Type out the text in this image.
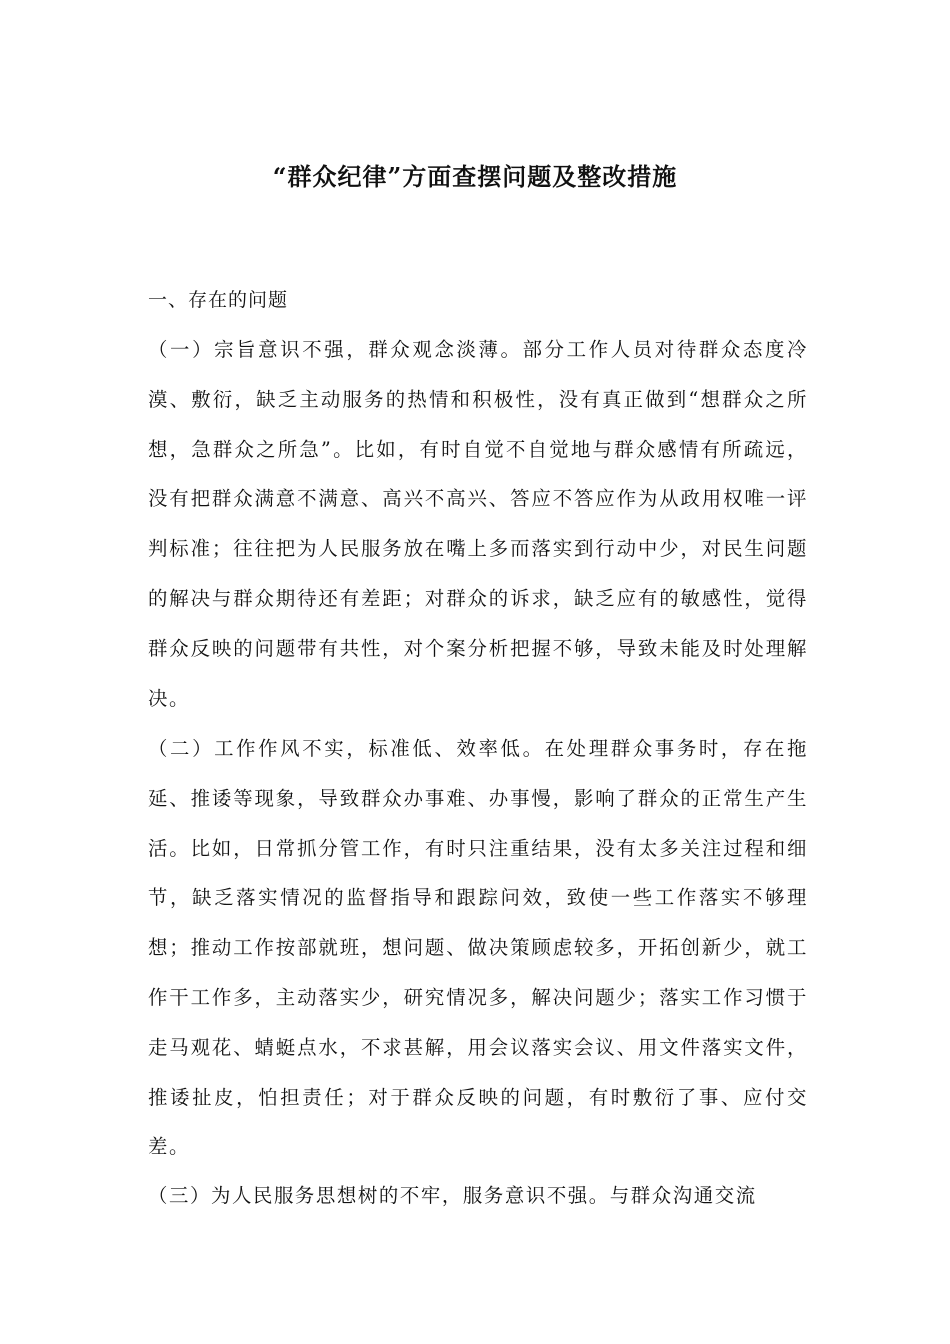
“群众纪律”方面查摆问题及整改措施
一、存在的问题

（一）宗旨意识不强，群众观念淡薄。部分工作人员对待群众态度冷漠、敷衍，缺乏主动服务的热情和积极性，没有真正做到“想群众之所想，急群众之所急”。比如，有时自觉不自觉地与群众感情有所疏远，没有把群众满意不满意、高兴不高兴、答应不答应作为从政用权唯一评判标准；往往把为人民服务放在嘴上多而落实到行动中少，对民生问题的解决与群众期待还有差距；对群众的诉求，缺乏应有的敏感性，觉得群众反映的问题带有共性，对个案分析把握不够，导致未能及时处理解决。

（二）工作作风不实，标准低、效率低。在处理群众事务时，存在拖延、推诿等现象，导致群众办事难、办事慢，影响了群众的正常生产生活。比如，日常抓分管工作，有时只注重结果，没有太多关注过程和细节，缺乏落实情况的监督指导和跟踪问效，致使一些工作落实不够理想；推动工作按部就班，想问题、做决策顾虑较多，开拓创新少，就工作干工作多，主动落实少，研究情况多，解决问题少；落实工作习惯于走马观花、蜻蜓点水，不求甚解，用会议落实会议、用文件落实文件，推诿扯皮，怕担责任；对于群众反映的问题，有时敷衍了事、应付交差。

（三）为人民服务思想树的不牢，服务意识不强。与群众沟通交流
